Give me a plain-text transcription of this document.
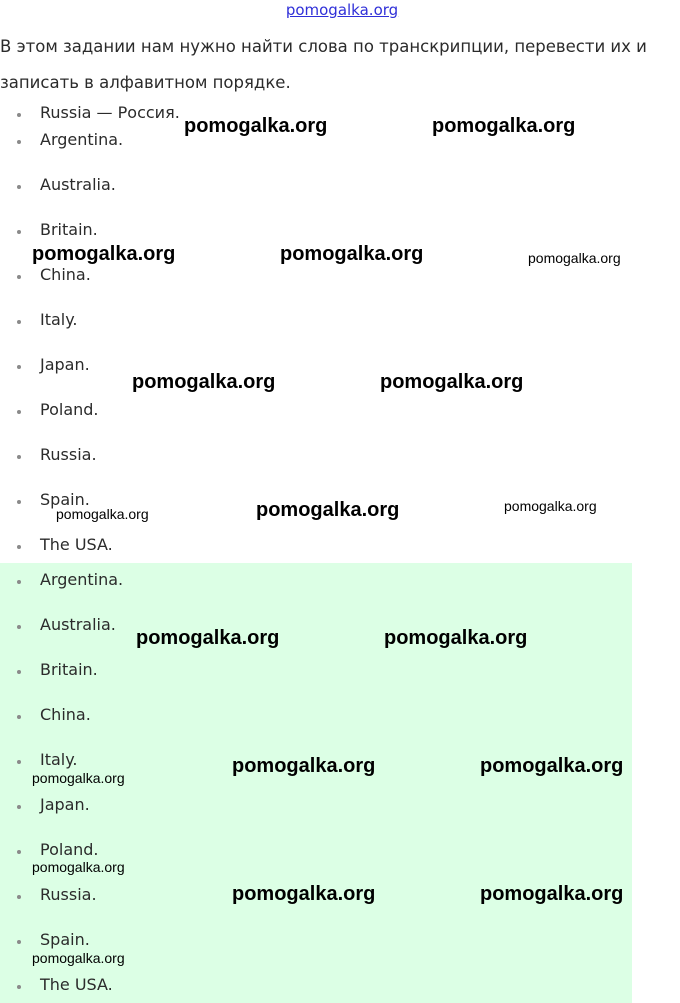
pomogalka.org

В этом задании нам нужно найти слова по транскрипции, перевести их и записать в алфавитном порядке.

Russia — Россия.
Argentina.
Australia.
Britain.
China.
Italy.
Japan.
Poland.
Russia.
Spain.
The USA.
Argentina.
Australia.
Britain.
China.
Italy.
Japan.
Poland.
Russia.
Spain.
The USA.
pomogalka.org	pomogalka.org
pomogalka.org	pomogalka.org	pomogalka.org
pomogalka.org	pomogalka.org
pomogalka.org	pomogalka.org	pomogalka.org
pomogalka.org	pomogalka.org
pomogalka.org
pomogalka.org	pomogalka.org
pomogalka.org
pomogalka.org	pomogalka.org
pomogalka.org
